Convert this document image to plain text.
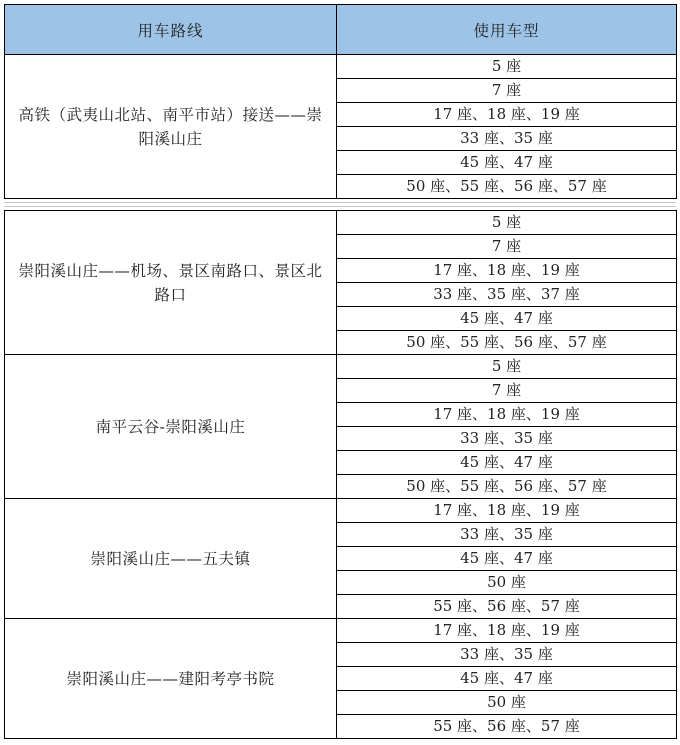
用车路线	使用车型
高铁（武夷山北站、南平市站）接送——崇阳溪山庄	5 座
	7 座
	17 座、18 座、19 座
	33 座、35 座
	45 座、47 座
	50 座、55 座、56 座、57 座
崇阳溪山庄——机场、景区南路口、景区北路口	5 座
	7 座
	17 座、18 座、19 座
	33 座、35 座、37 座
	45 座、47 座
	50 座、55 座、56 座、57 座
南平云谷-崇阳溪山庄	5 座
	7 座
	17 座、18 座、19 座
	33 座、35 座
	45 座、47 座
	50 座、55 座、56 座、57 座
崇阳溪山庄——五夫镇	17 座、18 座、19 座
	33 座、35 座
	45 座、47 座
	50 座
	55 座、56 座、57 座
崇阳溪山庄——建阳考亭书院	17 座、18 座、19 座
	33 座、35 座
	45 座、47 座
	50 座
	55 座、56 座、57 座
